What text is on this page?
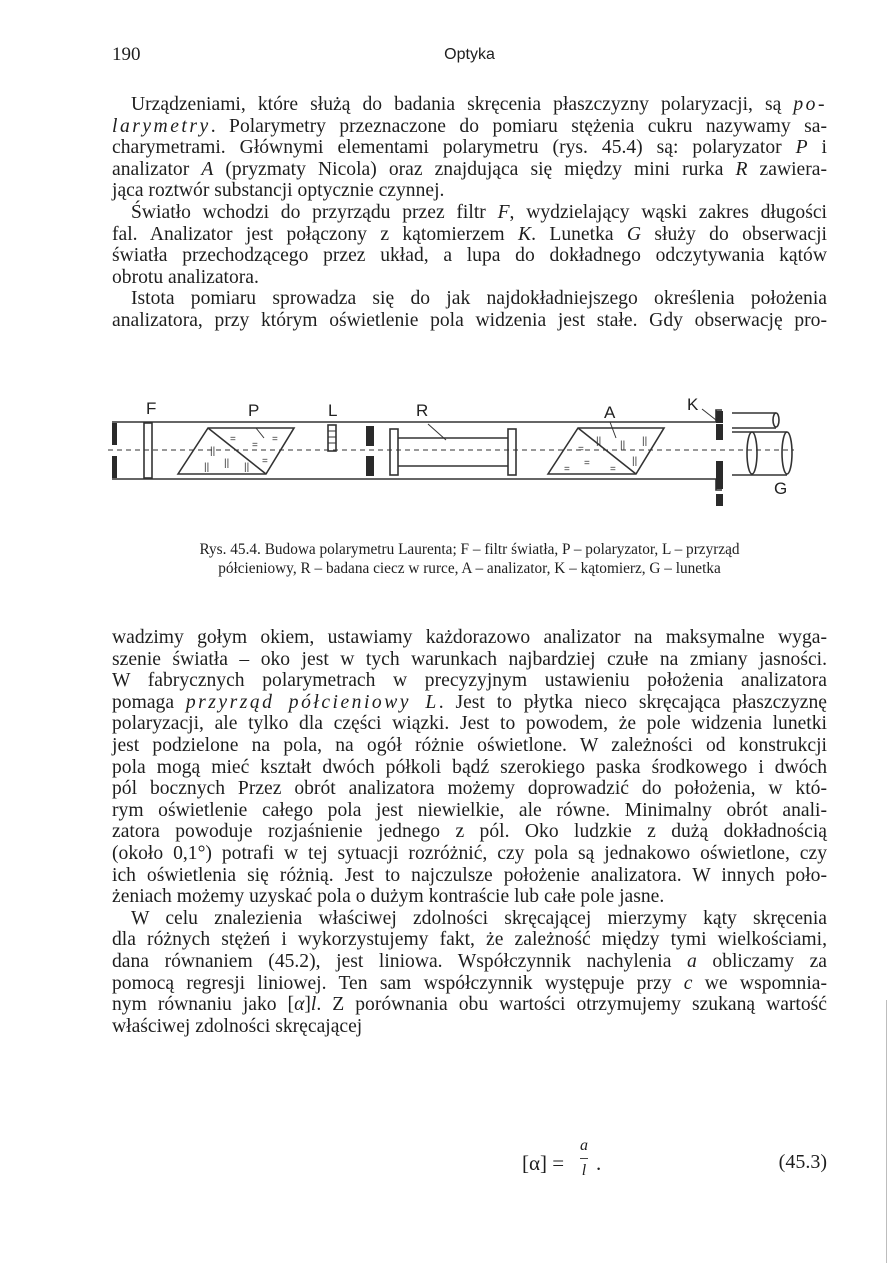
190	Optyka
Urządzeniami, które służą do badania skręcenia płaszczyzny polaryzacji, są po-
larymetry. Polarymetry przeznaczone do pomiaru stężenia cukru nazywamy sa-
charymetrami. Głównymi elementami polarymetru (rys. 45.4) są: polaryzator P i
analizator A (pryzmaty Nicola) oraz znajdująca się między mini rurka R zawiera-
jąca roztwór substancji optycznie czynnej.
Światło wchodzi do przyrządu przez filtr F, wydzielający wąski zakres długości
fal. Analizator jest połączony z kątomierzem K. Lunetka G służy do obserwacji
światła przechodzącego przez układ, a lupa do dokładnego odczytywania kątów
obrotu analizatora.
Istota pomiaru sprowadza się do jak najdokładniejszego określenia położenia
analizatora, przy którym oświetlenie pola widzenia jest stałe. Gdy obserwację pro-
F	P	L	R	A	K
G
=
=
=
||
|| || ||
=
|| || ||
||
=
=
=	=
Rys. 45.4. Budowa polarymetru Laurenta; F – filtr światła, P – polaryzator, L – przyrząd
półcieniowy, R – badana ciecz w rurce, A – analizator, K – kątomierz, G – lunetka
wadzimy gołym okiem, ustawiamy każdorazowo analizator na maksymalne wyga-
szenie światła – oko jest w tych warunkach najbardziej czułe na zmiany jasności.
W fabrycznych polarymetrach w precyzyjnym ustawieniu położenia analizatora
pomaga przyrząd półcieniowy L. Jest to płytka nieco skręcająca płaszczyznę
polaryzacji, ale tylko dla części wiązki. Jest to powodem, że pole widzenia lunetki
jest podzielone na pola, na ogół różnie oświetlone. W zależności od konstrukcji
pola mogą mieć kształt dwóch półkoli bądź szerokiego paska środkowego i dwóch
pól bocznych Przez obrót analizatora możemy doprowadzić do położenia, w któ-
rym oświetlenie całego pola jest niewielkie, ale równe. Minimalny obrót anali-
zatora powoduje rozjaśnienie jednego z pól. Oko ludzkie z dużą dokładnością
(około 0,1°) potrafi w tej sytuacji rozróżnić, czy pola są jednakowo oświetlone, czy
ich oświetlenia się różnią. Jest to najczulsze położenie analizatora. W innych poło-
żeniach możemy uzyskać pola o dużym kontraście lub całe pole jasne.
W celu znalezienia właściwej zdolności skręcającej mierzymy kąty skręcenia
dla różnych stężeń i wykorzystujemy fakt, że zależność między tymi wielkościami,
dana równaniem (45.2), jest liniowa. Współczynnik nachylenia a obliczamy za
pomocą regresji liniowej. Ten sam współczynnik występuje przy c we wspomnia-
nym równaniu jako [α]l. Z porównania obu wartości otrzymujemy szukaną wartość
właściwej zdolności skręcającej
[α] =
a
l .	(45.3)
